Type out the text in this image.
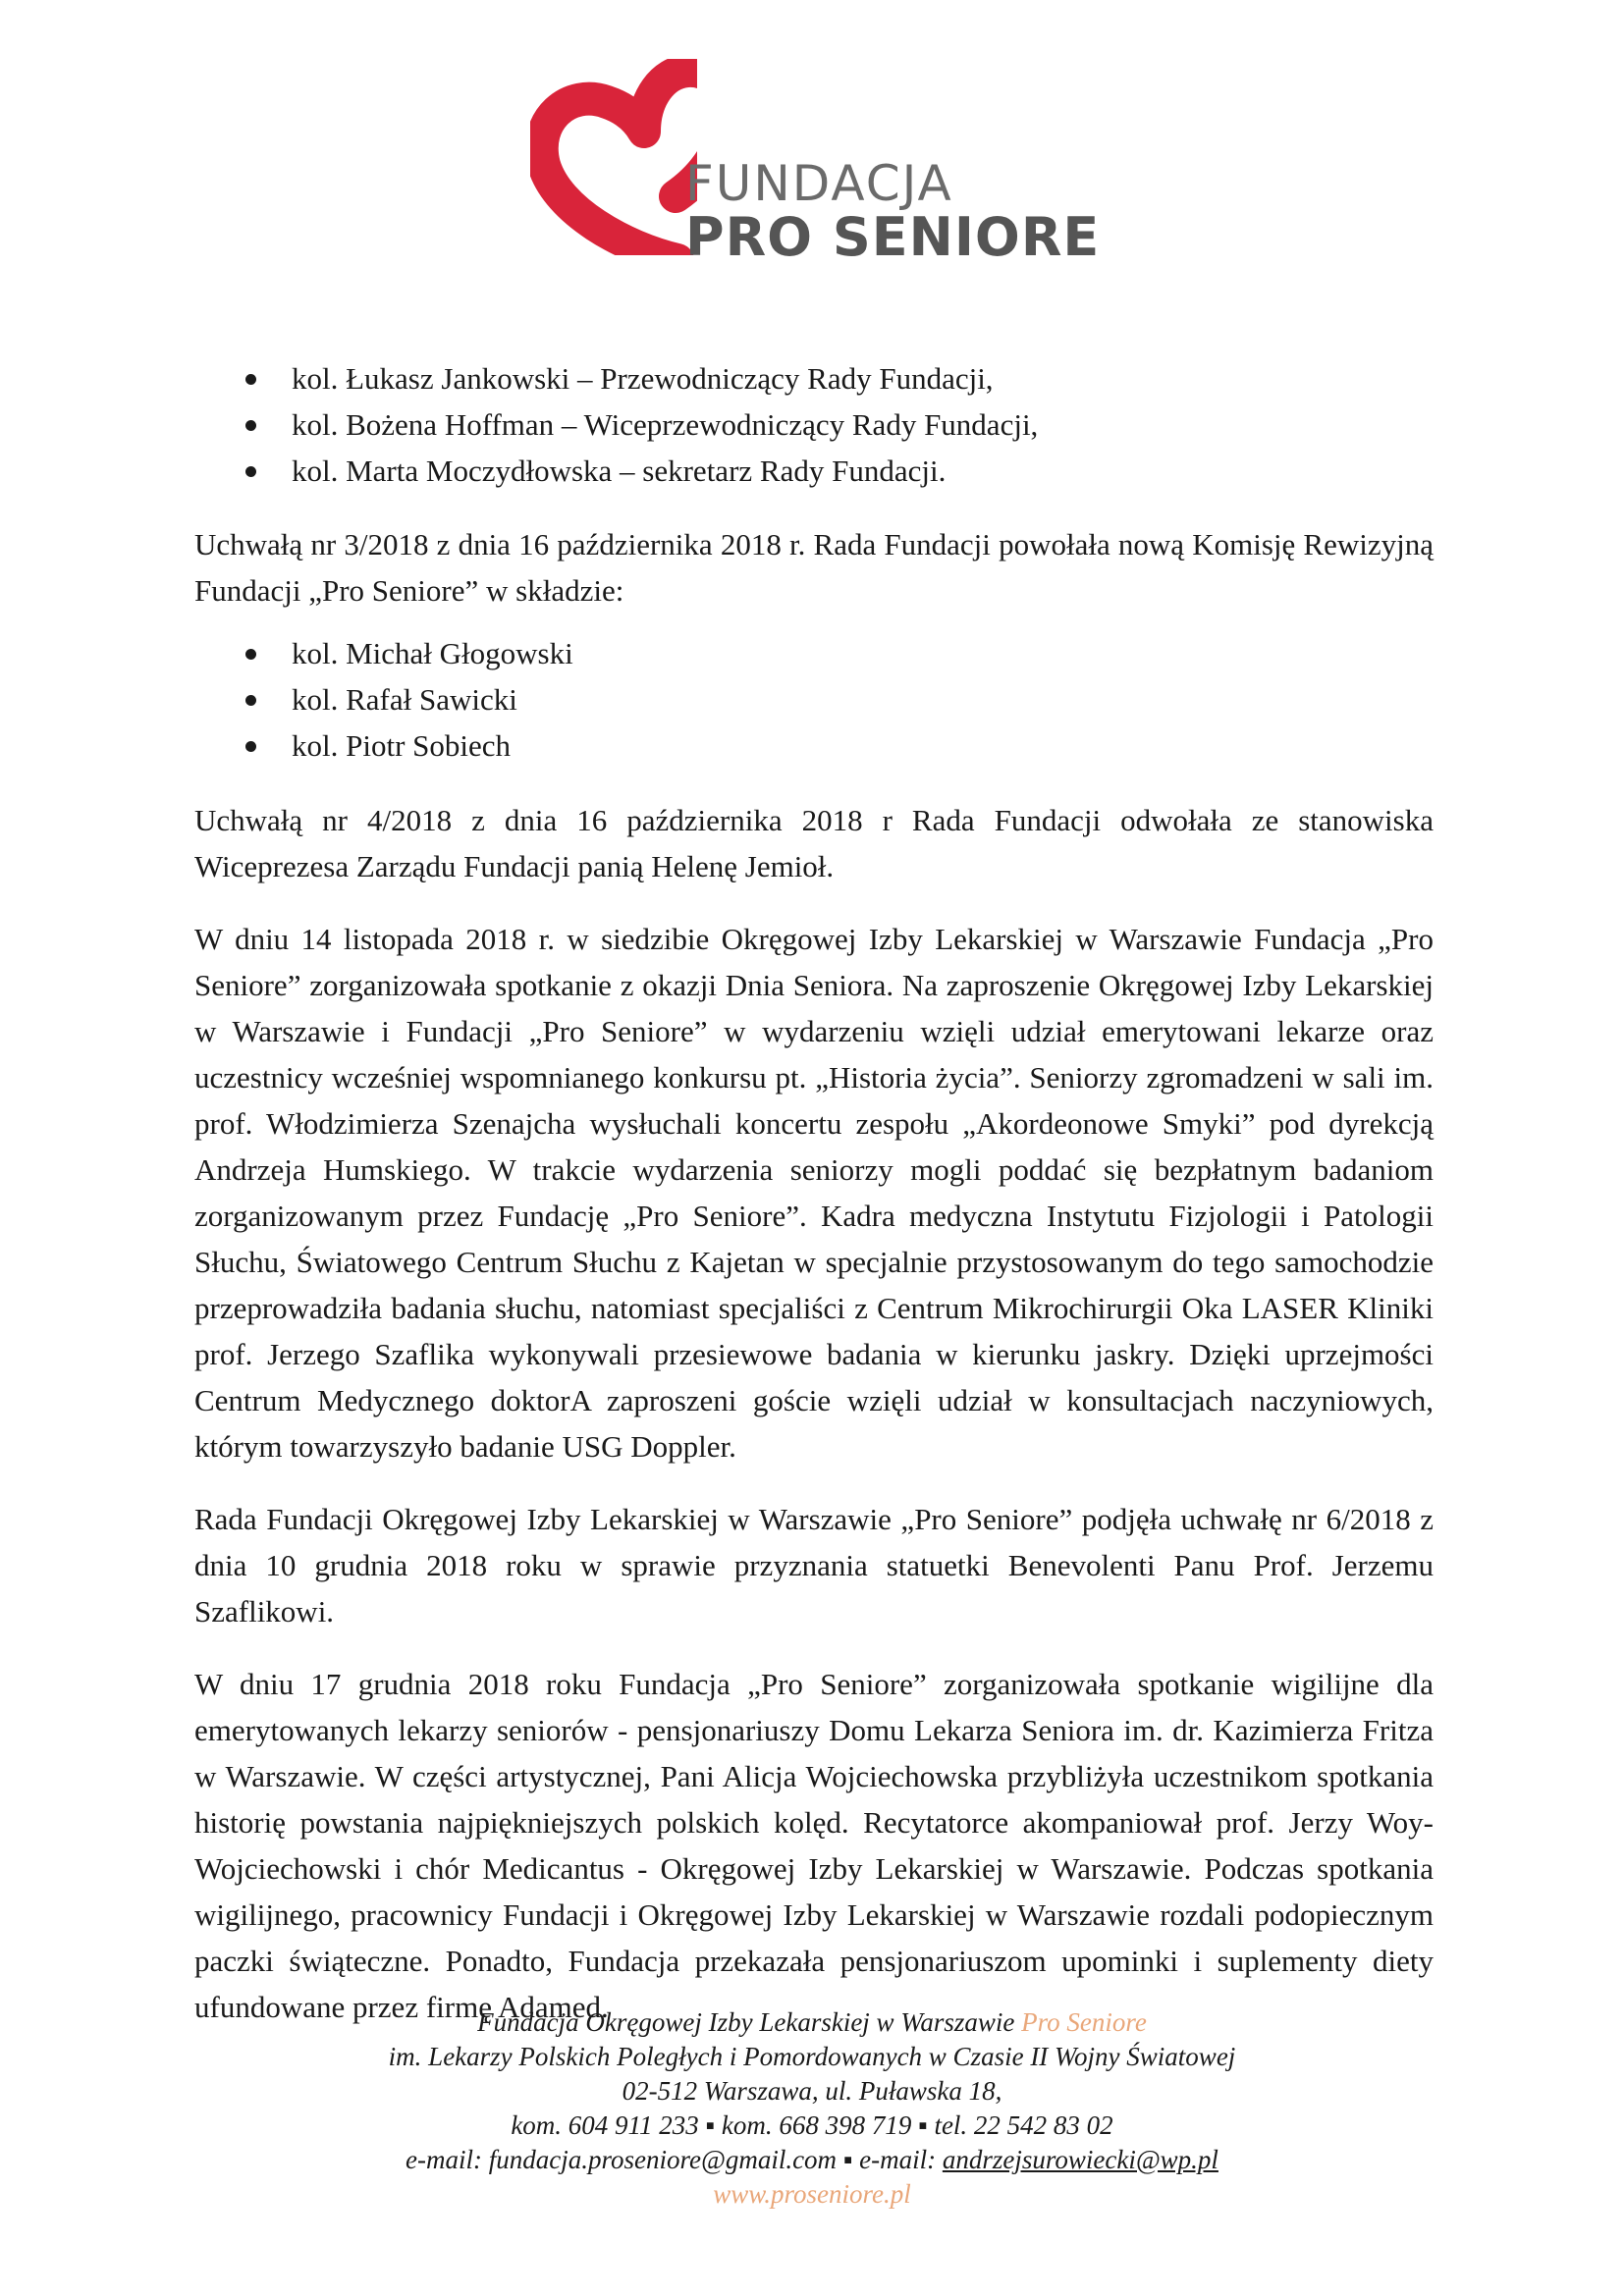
FUNDACJA
PRO SENIORE
kol. Łukasz Jankowski – Przewodniczący Rady Fundacji,
kol. Bożena Hoffman – Wiceprzewodniczący Rady Fundacji,
kol. Marta Moczydłowska – sekretarz Rady Fundacji.

Uchwałą nr 3/2018 z dnia 16 października 2018 r. Rada Fundacji powołała nową Komisję Rewizyjną Fundacji „Pro Seniore” w składzie:

kol. Michał Głogowski
kol. Rafał Sawicki
kol. Piotr Sobiech

Uchwałą nr 4/2018 z dnia 16 października 2018 r Rada Fundacji odwołała ze stanowiska Wiceprezesa Zarządu Fundacji panią Helenę Jemioł.

W dniu 14 listopada 2018 r. w siedzibie Okręgowej Izby Lekarskiej w Warszawie Fundacja „Pro Seniore” zorganizowała spotkanie z okazji Dnia Seniora. Na zaproszenie Okręgowej Izby Lekarskiej w Warszawie i Fundacji „Pro Seniore” w wydarzeniu wzięli udział emerytowani lekarze oraz uczestnicy wcześniej wspomnianego konkursu pt. „Historia życia”. Seniorzy zgromadzeni w sali im. prof. Włodzimierza Szenajcha wysłuchali koncertu zespołu „Akordeonowe Smyki” pod dyrekcją Andrzeja Humskiego. W trakcie wydarzenia seniorzy mogli poddać się bezpłatnym badaniom zorganizowanym przez Fundację „Pro Seniore”. Kadra medyczna Instytutu Fizjologii i Patologii Słuchu, Światowego Centrum Słuchu z Kajetan w specjalnie przystosowanym do tego samochodzie przeprowadziła badania słuchu, natomiast specjaliści z Centrum Mikrochirurgii Oka LASER Kliniki prof. Jerzego Szaflika wykonywali przesiewowe badania w kierunku jaskry. Dzięki uprzejmości Centrum Medycznego doktorA zaproszeni goście wzięli udział w konsultacjach naczyniowych, którym towarzyszyło badanie USG Doppler.

Rada Fundacji Okręgowej Izby Lekarskiej w Warszawie „Pro Seniore” podjęła uchwałę nr 6/2018 z dnia 10 grudnia 2018 roku w sprawie przyznania statuetki Benevolenti Panu Prof. Jerzemu Szaflikowi.

W dniu 17 grudnia 2018 roku Fundacja „Pro Seniore” zorganizowała spotkanie wigilijne dla emerytowanych lekarzy seniorów - pensjonariuszy Domu Lekarza Seniora im. dr. Kazimierza Fritza w Warszawie. W części artystycznej, Pani Alicja Wojciechowska przybliżyła uczestnikom spotkania historię powstania najpiękniejszych polskich kolęd. Recytatorce akompaniował prof. Jerzy Woy-Wojciechowski i chór Medicantus - Okręgowej Izby Lekarskiej w Warszawie. Podczas spotkania wigilijnego, pracownicy Fundacji i Okręgowej Izby Lekarskiej w Warszawie rozdali podopiecznym paczki świąteczne. Ponadto, Fundacja przekazała pensjonariuszom upominki i suplementy diety ufundowane przez firmę Adamed.

Fundacja Okręgowej Izby Lekarskiej w Warszawie Pro Seniore
im. Lekarzy Polskich Poległych i Pomordowanych w Czasie II Wojny Światowej
02-512 Warszawa, ul. Puławska 18,
kom. 604 911 233 ▪ kom. 668 398 719 ▪ tel. 22 542 83 02
e-mail: fundacja.proseniore@gmail.com ▪ e-mail: andrzejsurowiecki@wp.pl
www.proseniore.pl
